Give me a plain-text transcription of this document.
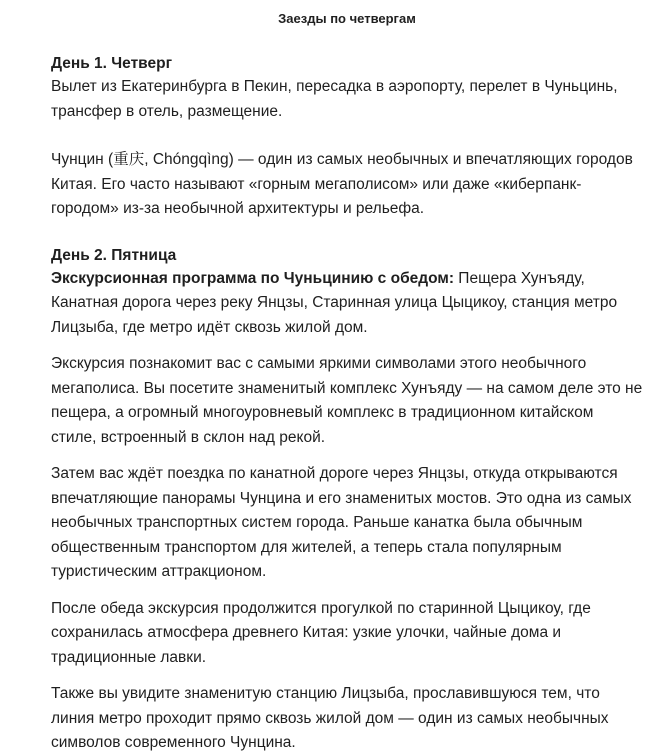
Заезды по четвергам
День 1. Четверг

Вылет из Екатеринбурга в Пекин, пересадка в аэропорту, перелет в Чуньцинь, трансфер в отель, размещение.

Чунцин (重庆, Chóngqìng) — один из самых необычных и впечатляющих городов Китая. Его часто называют «горным мегаполисом» или даже «киберпанк-городом» из-за необычной архитектуры и рельефа.

День 2. Пятница

Экскурсионная программа по Чуньцинию с обедом: Пещера Хунъяду, Канатная дорога через реку Янцзы, Старинная улица Цыцикоу, станция метро Лицзыба, где метро идёт сквозь жилой дом.

Экскурсия познакомит вас с самыми яркими символами этого необычного мегаполиса. Вы посетите знаменитый комплекс Хунъяду — на самом деле это не пещера, а огромный многоуровневый комплекс в традиционном китайском стиле, встроенный в склон над рекой.

Затем вас ждёт поездка по канатной дороге через Янцзы, откуда открываются впечатляющие панорамы Чунцина и его знаменитых мостов. Это одна из самых необычных транспортных систем города. Раньше канатка была обычным общественным транспортом для жителей, а теперь стала популярным туристическим аттракционом.

После обеда экскурсия продолжится прогулкой по старинной Цыцикоу, где сохранилась атмосфера древнего Китая: узкие улочки, чайные дома и традиционные лавки.

Также вы увидите знаменитую станцию Лицзыба, прославившуюся тем, что линия метро проходит прямо сквозь жилой дом — один из самых необычных символов современного Чунцина.
